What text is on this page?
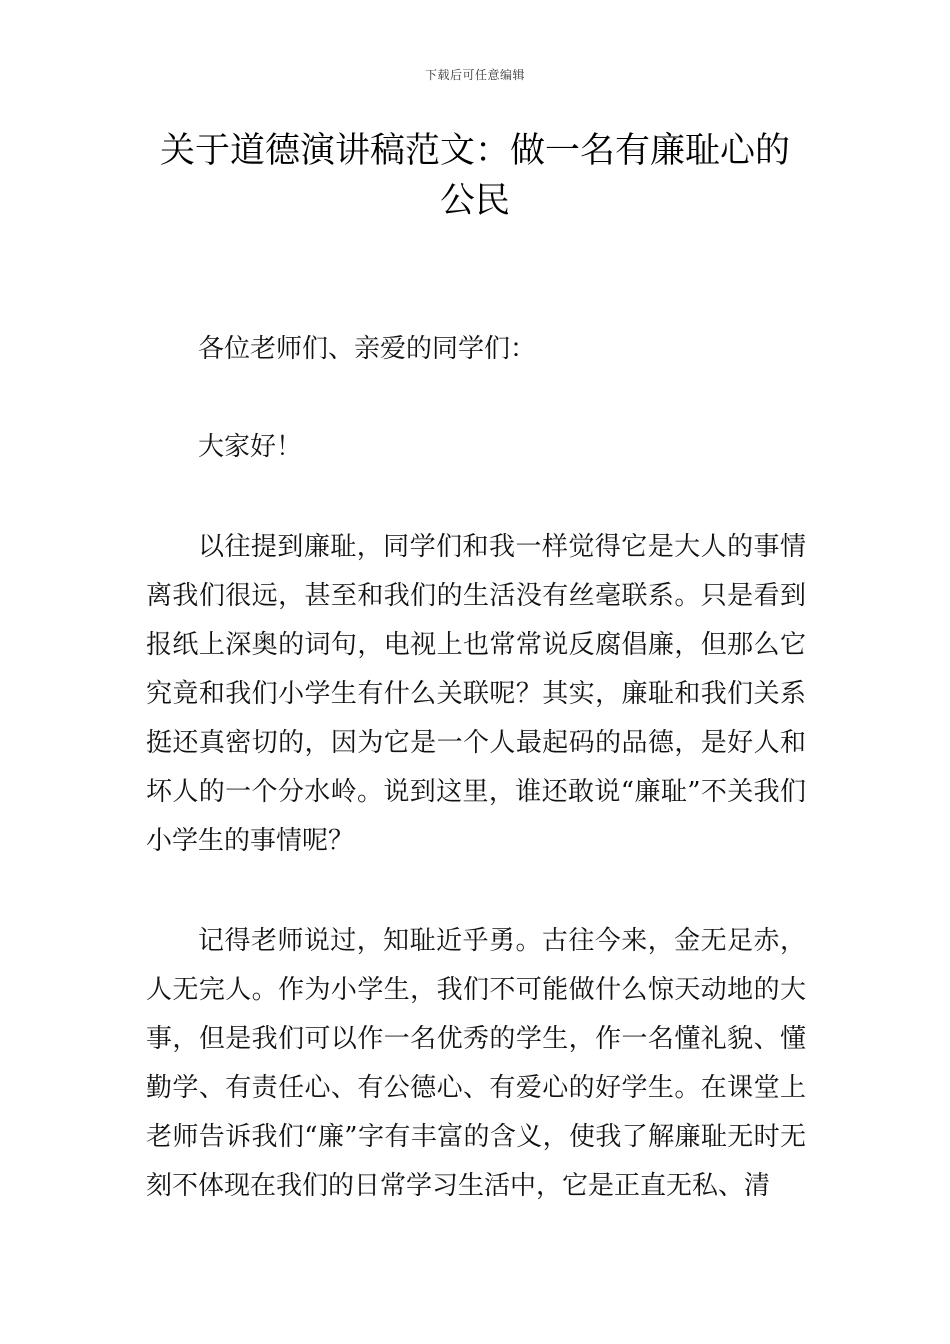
下载后可任意编辑
关于道德演讲稿范文：做一名有廉耻心的
公民

各位老师们、亲爱的同学们：

大家好！

以往提到廉耻，同学们和我一样觉得它是大人的事情离我们很远，甚至和我们的生活没有丝毫联系。只是看到报纸上深奥的词句，电视上也常常说反腐倡廉，但那么它究竟和我们小学生有什么关联呢？其实，廉耻和我们关系挺还真密切的，因为它是一个人最起码的品德，是好人和坏人的一个分水岭。说到这里，谁还敢说“廉耻”不关我们小学生的事情呢？

记得老师说过，知耻近乎勇。古往今来，金无足赤，人无完人。作为小学生，我们不可能做什么惊天动地的大事，但是我们可以作一名优秀的学生，作一名懂礼貌、懂勤学、有责任心、有公德心、有爱心的好学生。在课堂上老师告诉我们“廉”字有丰富的含义，使我了解廉耻无时无刻不体现在我们的日常学习生活中，它是正直无私、清
